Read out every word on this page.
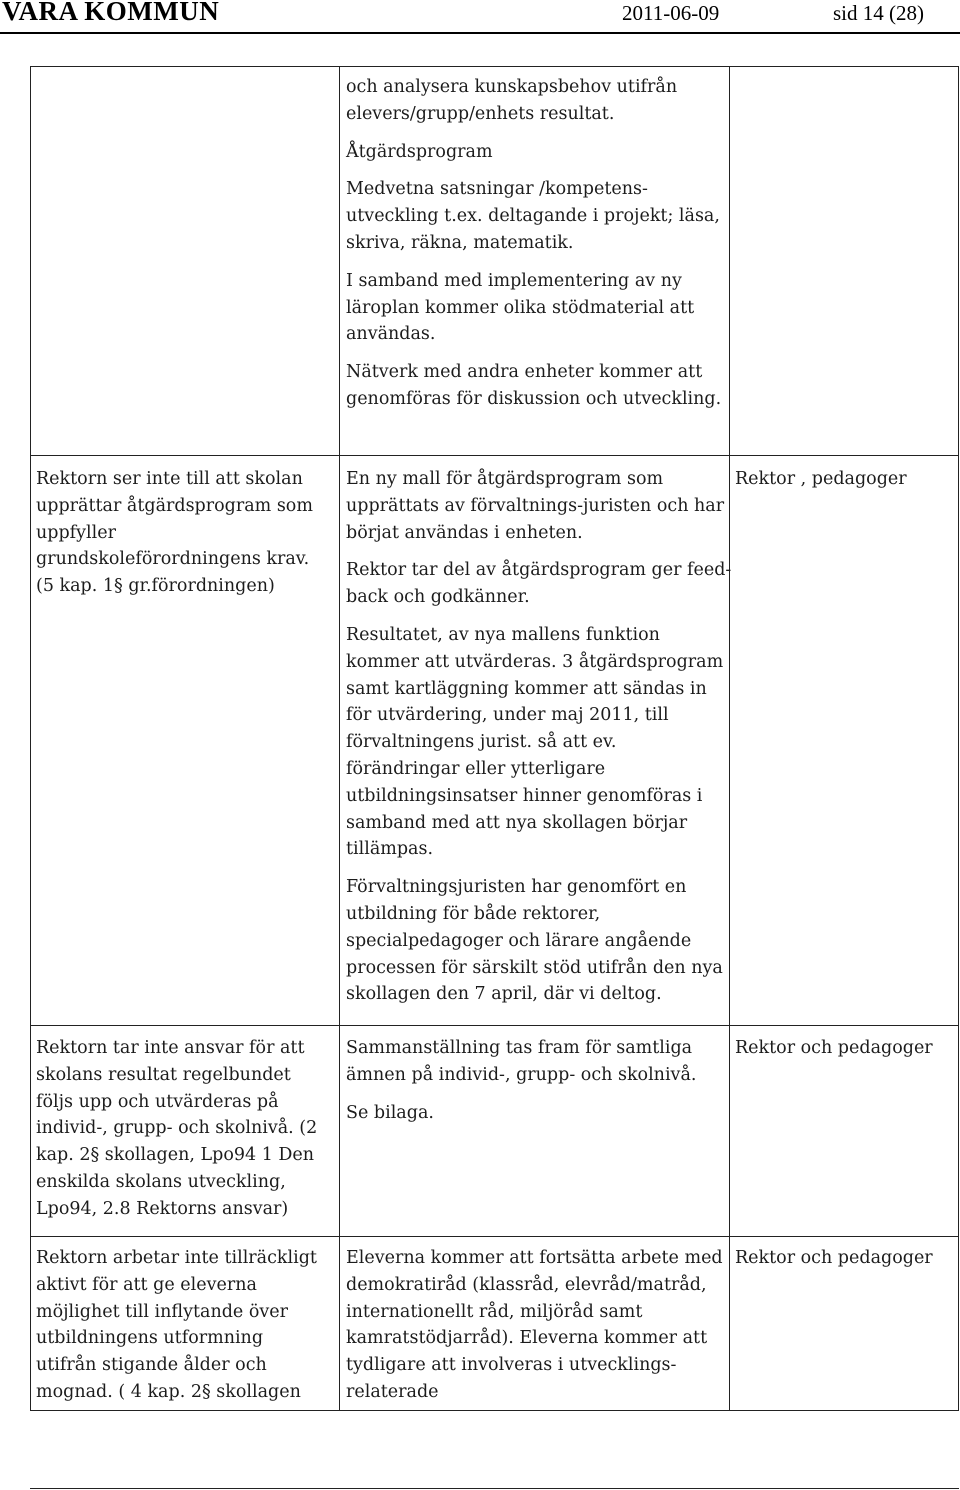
VARA KOMMUN	2011-06-09	sid 14 (28)

och analysera kunskapsbehov utifrån elevers/grupp/enhets resultat.

Åtgärdsprogram

Medvetna satsningar /kompetens-utveckling t.ex. deltagande i projekt; läsa, skriva, räkna, matematik.

I samband med implementering av ny läroplan kommer olika stödmaterial att användas.

Nätverk med andra enheter kommer att genomföras för diskussion och utveckling.

Rektorn ser inte till att skolan upprättar åtgärdsprogram som uppfyller grundskoleförordningens krav. (5 kap. 1§ gr.förordningen)

En ny mall för åtgärdsprogram som upprättats av förvaltnings-juristen och har börjat användas i enheten.

Rektor tar del av åtgärdsprogram ger feed-back och godkänner.

Resultatet, av nya mallens funktion kommer att utvärderas. 3 åtgärdsprogram samt kartläggning kommer att sändas in för utvärdering, under maj 2011, till förvaltningens jurist. så att ev. förändringar eller ytterligare utbildningsinsatser hinner genomföras i samband med att nya skollagen börjar tillämpas.

Förvaltningsjuristen har genomfört en utbildning för både rektorer, specialpedagoger och lärare angående processen för särskilt stöd utifrån den nya skollagen den 7 april, där vi deltog.

Rektor , pedagoger

Rektorn tar inte ansvar för att skolans resultat regelbundet följs upp och utvärderas på individ-, grupp- och skolnivå. (2 kap. 2§ skollagen, Lpo94 1 Den enskilda skolans utveckling, Lpo94, 2.8 Rektorns ansvar)

Sammanställning tas fram för samtliga ämnen på individ-, grupp- och skolnivå.

Se bilaga.

Rektor och pedagoger

Rektorn arbetar inte tillräckligt aktivt för att ge eleverna möjlighet till inflytande över utbildningens utformning utifrån stigande ålder och mognad. ( 4 kap. 2§ skollagen

Eleverna kommer att fortsätta arbete med demokratiråd (klassråd, elevråd/matråd, internationellt råd, miljöråd samt kamratstödjarråd). Eleverna kommer att tydligare att involveras i utvecklings-relaterade

Rektor och pedagoger
